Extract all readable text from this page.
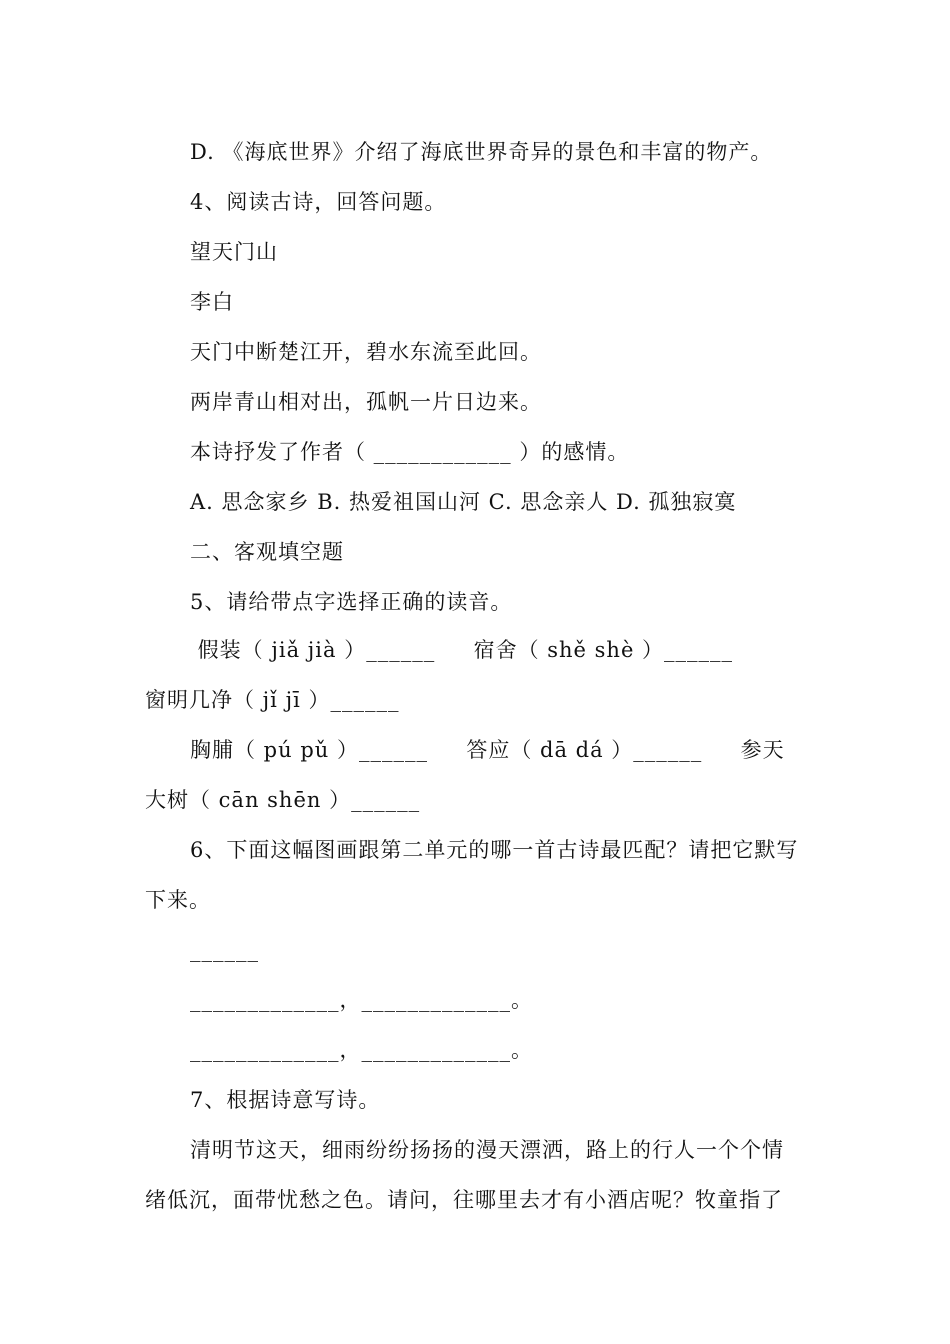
D. 《海底世界》介绍了海底世界奇异的景色和丰富的物产。
4、阅读古诗，回答问题。
望天门山
李白
天门中断楚江开，碧水东流至此回。
两岸青山相对出，孤帆一片日边来。
本诗抒发了作者（ ____________ ）的感情。
A. 思念家乡 B. 热爱祖国山河 C. 思念亲人 D. 孤独寂寞
二、客观填空题
5、请给带点字选择正确的读音。
假装（ jiǎ jià ）______     宿舍（ shě shè ）______
窗明几净（ jǐ jī ）______
胸脯（ pú pǔ ）______     答应（ dā dá ）______     参天
大树（ cān shēn ）______
6、下面这幅图画跟第二单元的哪一首古诗最匹配？请把它默写
下来。
______
_____________，_____________。
_____________，_____________。
7、根据诗意写诗。
清明节这天，细雨纷纷扬扬的漫天漂洒，路上的行人一个个情
绪低沉，面带忧愁之色。请问，往哪里去才有小酒店呢？牧童指了
